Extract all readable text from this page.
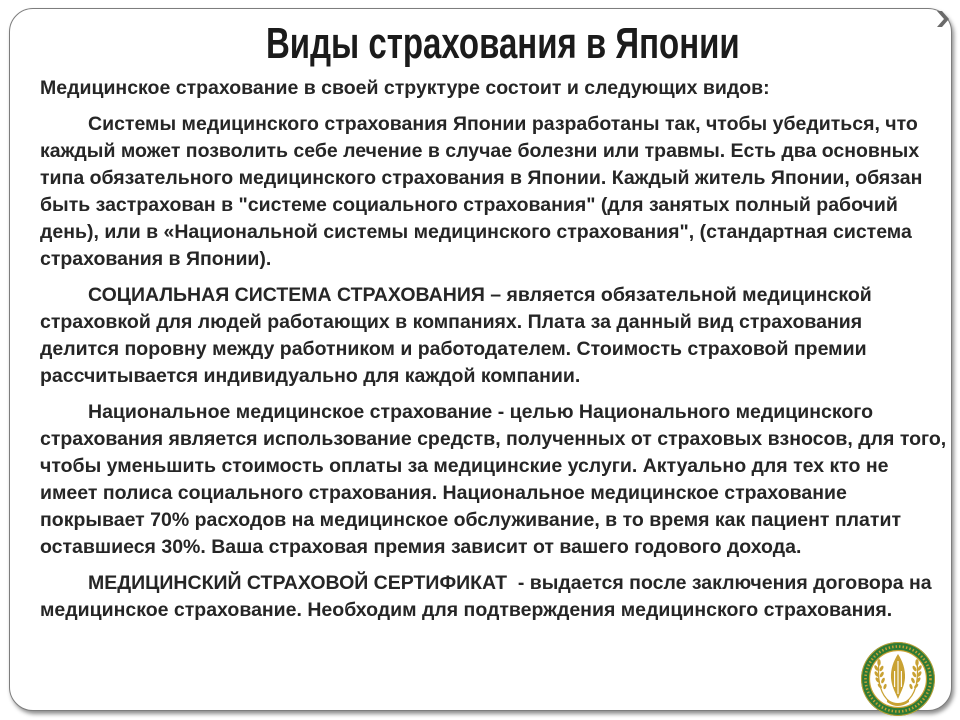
Виды страхования в Японии
Медицинское страхование в своей структуре состоит и следующих видов:
Системы медицинского страхования Японии разработаны так, чтобы убедиться, что
каждый может позволить себе лечение в случае болезни или травмы. Есть два основных
типа обязательного медицинского страхования в Японии. Каждый житель Японии, обязан
быть застрахован в "системе социального страхования" (для занятых полный рабочий
день), или в «Национальной системы медицинского страхования", (стандартная система
страхования в Японии).
СОЦИАЛЬНАЯ СИСТЕМА СТРАХОВАНИЯ – является обязательной медицинской
страховкой для людей работающих в компаниях. Плата за данный вид страхования
делится поровну между работником и работодателем. Стоимость страховой премии
рассчитывается индивидуально для каждой компании.
Национальное медицинское страхование - целью Национального медицинского
страхования является использование средств, полученных от страховых взносов, для того,
чтобы уменьшить стоимость оплаты за медицинские услуги. Актуально для тех кто не
имеет полиса социального страхования. Национальное медицинское страхование
покрывает 70% расходов на медицинское обслуживание, в то время как пациент платит
оставшиеся 30%. Ваша страховая премия зависит от вашего годового дохода.
МЕДИЦИНСКИЙ СТРАХОВОЙ СЕРТИФИКАТ  - выдается после заключения договора на
медицинское страхование. Необходим для подтверждения медицинского страхования.
